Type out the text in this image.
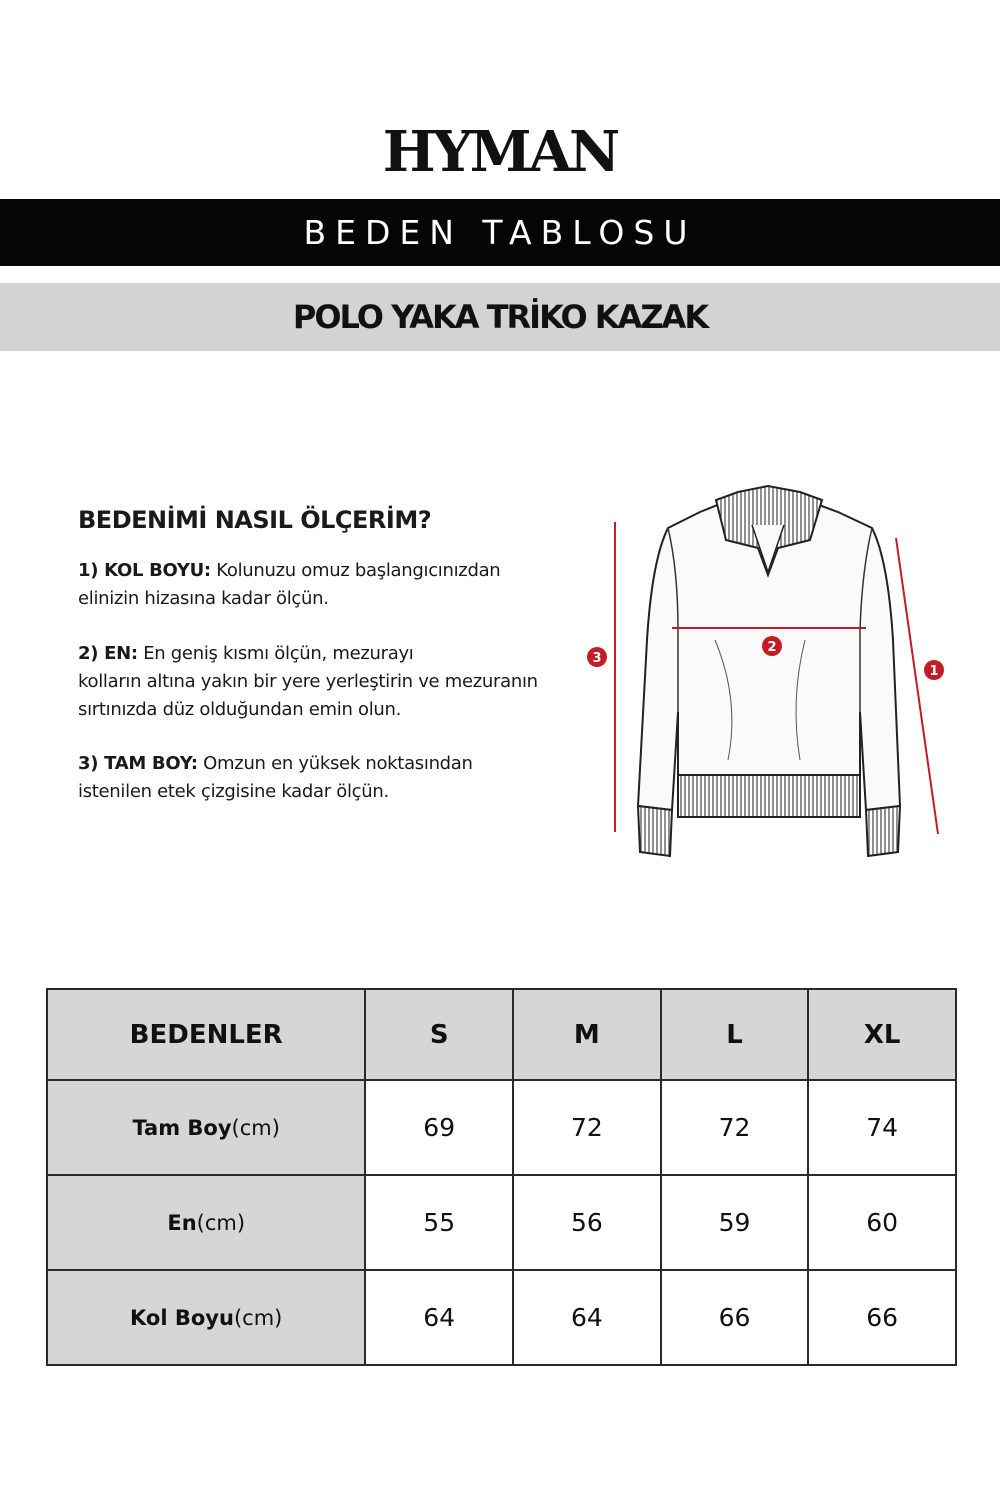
HYMAN
BEDEN TABLOSU
POLO YAKA TRİKO KAZAK
BEDENİMİ NASIL ÖLÇERİM?
1) KOL BOYU: Kolunuzu omuz başlangıcınızdan
elinizin hizasına kadar ölçün.
2) EN: En geniş kısmı ölçün, mezurayı
kolların altına yakın bir yere yerleştirin ve mezuranın
sırtınızda düz olduğundan emin olun.
3) TAM BOY: Omzun en yüksek noktasından
istenilen etek çizgisine kadar ölçün.
3
2
1
BEDENLER	S	M	L	XL
Tam Boy(cm)	69	72	72	74
En(cm)	55	56	59	60
Kol Boyu(cm)	64	64	66	66
